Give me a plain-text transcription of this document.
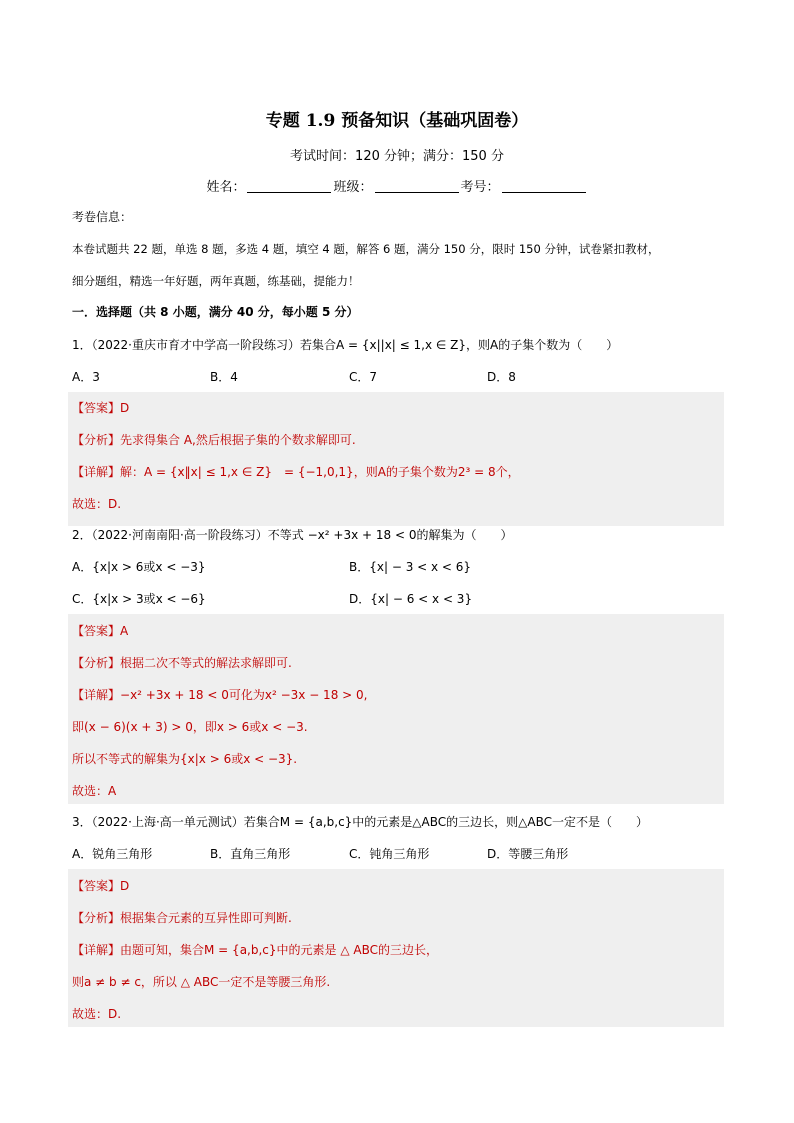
专题 1.9 预备知识（基础巩固卷）
考试时间：120 分钟；满分：150 分
姓名：	班级：	考号：
考卷信息：
本卷试题共 22 题，单选 8 题，多选 4 题，填空 4 题，解答 6 题，满分 150 分，限时 150 分钟，试卷紧扣教材，
细分题组，精选一年好题，两年真题，练基础，提能力！
一．选择题（共 8 小题，满分 40 分，每小题 5 分）
1．（2022·重庆市育才中学高一阶段练习）若集合A = {x||x| ≤ 1,x ∈ Z}，则A的子集个数为（　　）
A．3	B．4	C．7	D．8
【答案】D
【分析】先求得集合 A,然后根据子集的个数求解即可.
【详解】解：A = {x‖x| ≤ 1,x ∈ Z}　= {−1,0,1}，则A的子集个数为2³ = 8个，
故选：D.
2．（2022·河南南阳·高一阶段练习）不等式 −x² +3x + 18 < 0的解集为（　　）
A．{x|x > 6或x < −3}	B．{x| − 3 < x < 6}
C．{x|x > 3或x < −6}	D．{x| − 6 < x < 3}
【答案】A
【分析】根据二次不等式的解法求解即可.
【详解】−x² +3x + 18 < 0可化为x² −3x − 18 > 0,
即(x − 6)(x + 3) > 0，即x > 6或x < −3.
所以不等式的解集为{x|x > 6或x < −3}.
故选：A
3．（2022·上海·高一单元测试）若集合M = {a,b,c}中的元素是△ABC的三边长，则△ABC一定不是（　　）
A．锐角三角形	B．直角三角形	C．钝角三角形	D．等腰三角形
【答案】D
【分析】根据集合元素的互异性即可判断.
【详解】由题可知，集合M = {a,b,c}中的元素是 △ ABC的三边长，
则a ≠ b ≠ c，所以 △ ABC一定不是等腰三角形.
故选：D.
